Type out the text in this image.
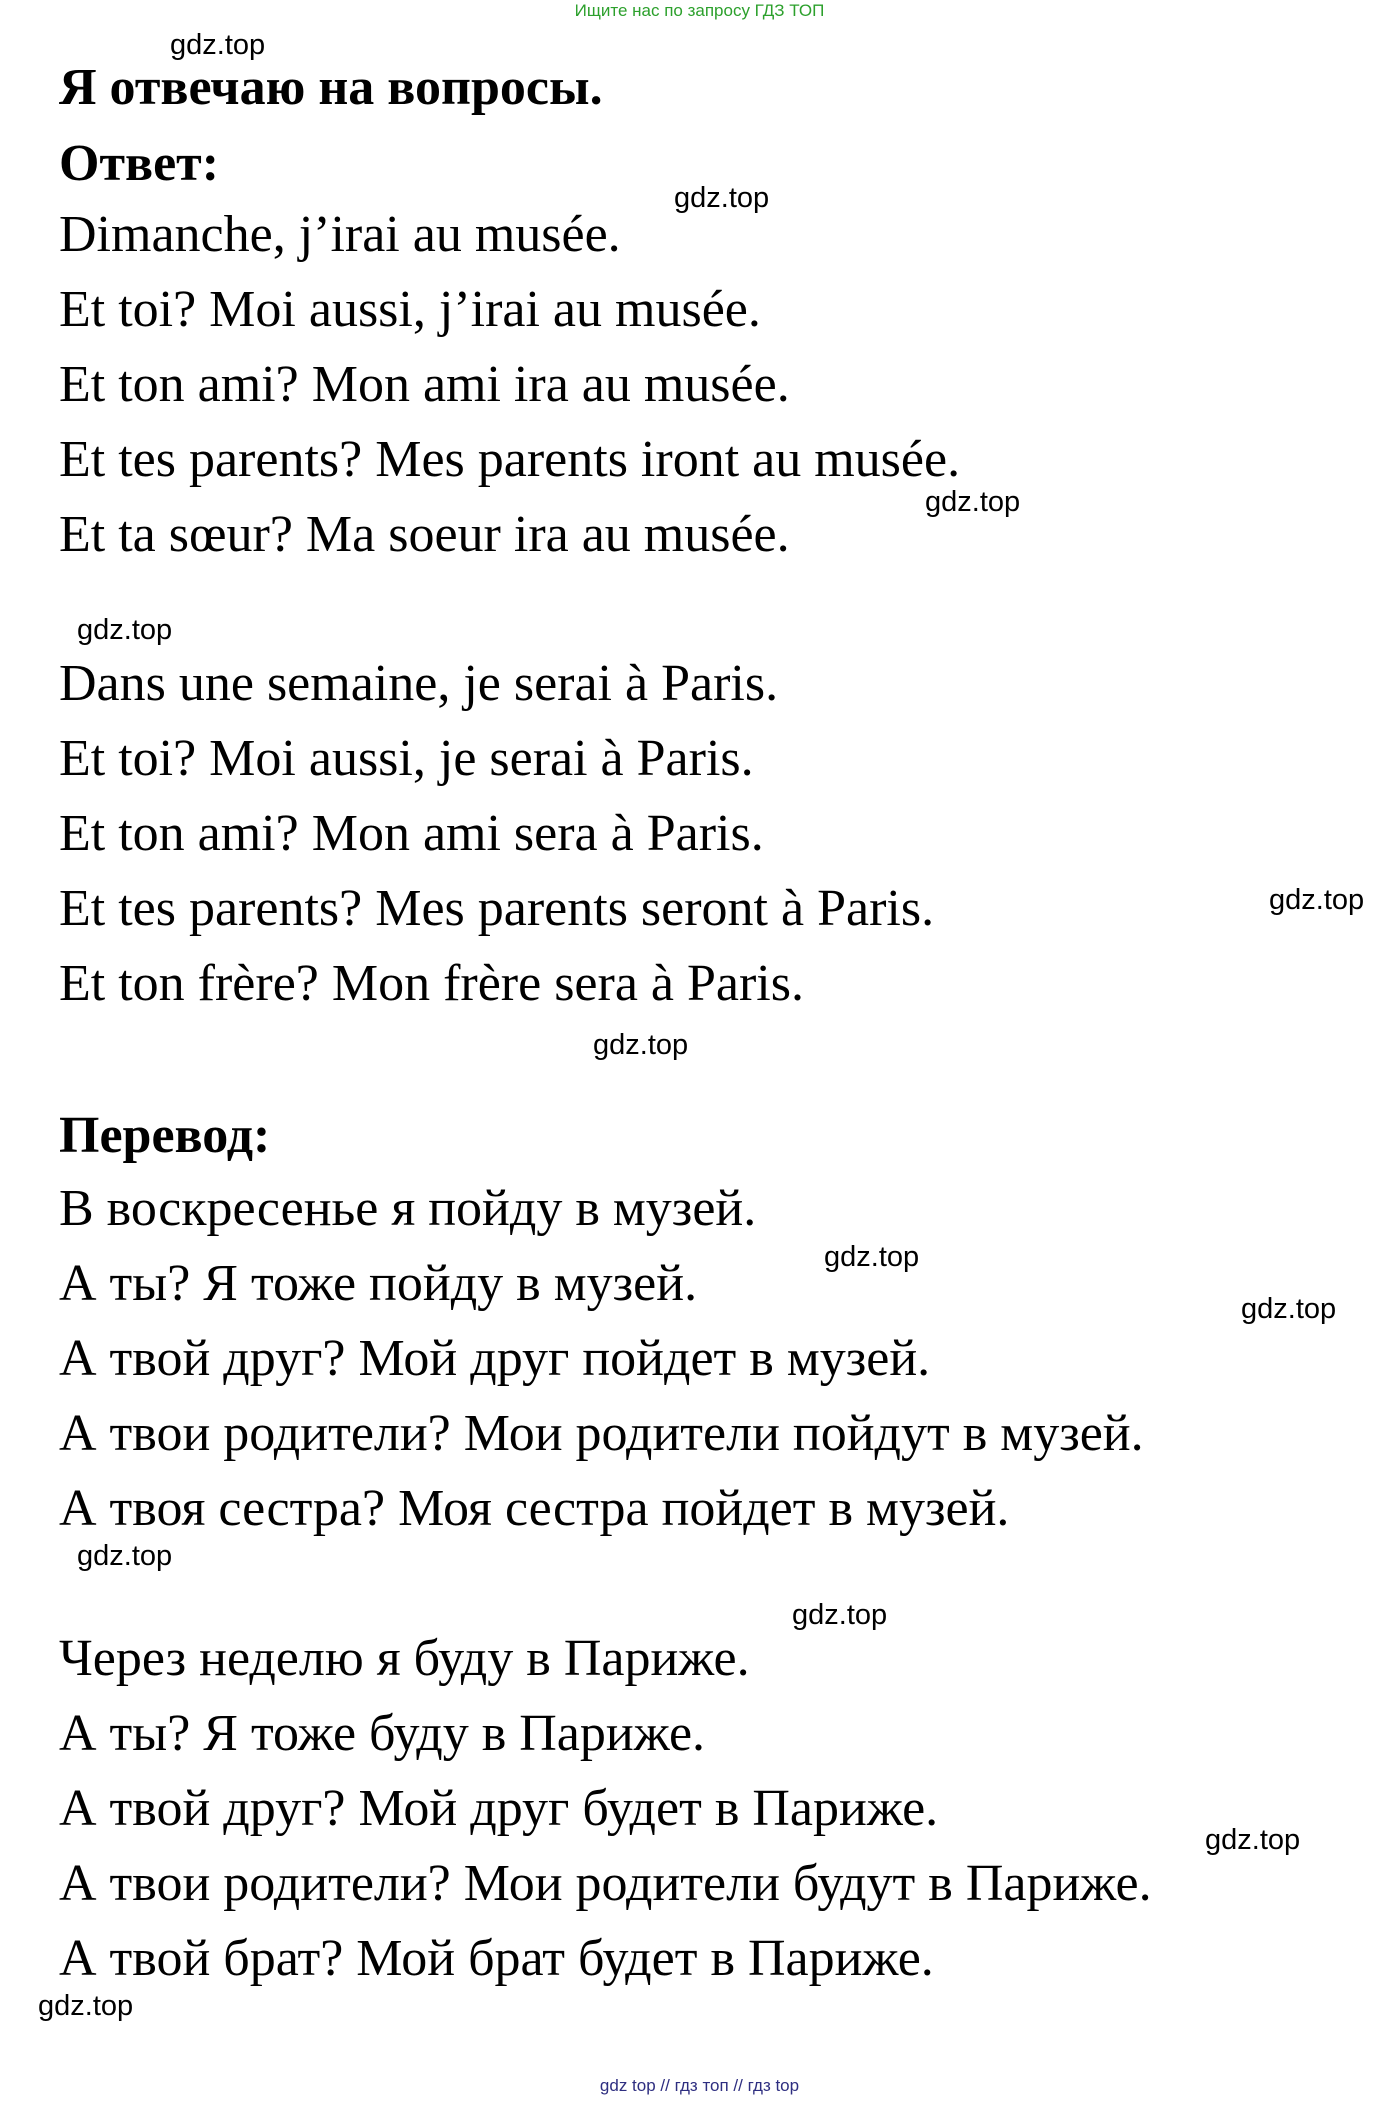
Ищите нас по запросу ГДЗ ТОП
Я отвечаю на вопросы.
Ответ:
Dimanche, j’irai au musée.
Et toi? Moi aussi, j’irai au musée.
Et ton ami? Mon ami ira au musée.
Et tes parents? Mes parents iront au musée.
Et ta sœur? Ma soeur ira au musée.
Dans une semaine, je serai à Paris.
Et toi? Moi aussi, je serai à Paris.
Et ton ami? Mon ami sera à Paris.
Et tes parents? Mes parents seront à Paris.
Et ton frère? Mon frère sera à Paris.
Перевод:
В воскресенье я пойду в музей.
А ты? Я тоже пойду в музей.
А твой друг? Мой друг пойдет в музей.
А твои родители? Мои родители пойдут в музей.
А твоя сестра? Моя сестра пойдет в музей.
Через неделю я буду в Париже.
А ты? Я тоже буду в Париже.
А твой друг? Мой друг будет в Париже.
А твои родители? Мои родители будут в Париже.
А твой брат? Мой брат будет в Париже.
gdz.top
gdz.top
gdz.top
gdz.top
gdz.top
gdz.top
gdz.top
gdz.top
gdz.top
gdz.top
gdz.top
gdz.top
gdz top // гдз топ // гдз top
